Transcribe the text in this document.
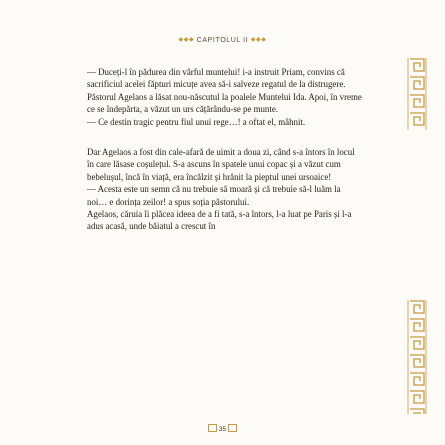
◆◆◆ CAPITOLUL II ◆◆◆

— Duceți-l în pădurea din vârful muntelui! i-a instruit Priam, convins că sacrificiul acelei făpturi micuțe avea să-i salveze regatul de la distrugere.

Păstorul Agelaos a lăsat nou-născutul la poalele Muntelui Ida. Apoi, în vreme ce se îndepărta, a văzut un urs cățărându-se pe munte.

— Ce destin tragic pentru fiul unui rege…! a oftat el, mâhnit.

Dar Agelaos a fost din cale-afară de uimit a doua zi, când s-a întors în locul în care lăsase coșulețul. S-a ascuns în spatele unui copac și a văzut cum bebelușul, încă în viață, era încălzit și hrănit la pieptul unei ursoaice!

— Acesta este un semn că nu trebuie să moară și că trebuie să-l luăm la noi… e dorința zeilor! a spus soția păstorului.

Agelaos, căruia îi plăcea ideea de a fi tată, s-a întors, l-a luat pe Paris și l-a adus acasă, unde băiatul a crescut în

35
